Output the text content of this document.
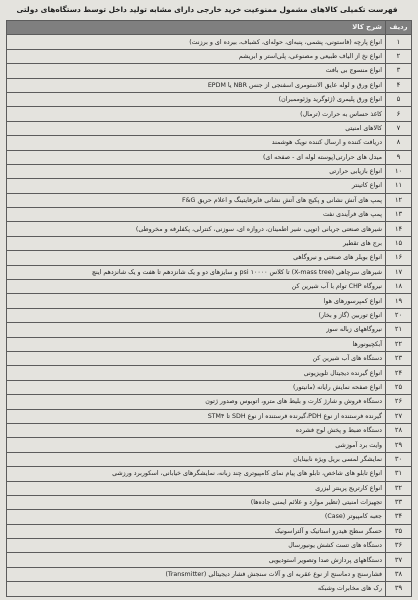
فهرست تکمیلی کالاهای مشمول ممنوعیت خرید خارجی دارای مشابه تولید داخل توسط دستگاه‌های دولتی
ردیف	شرح کالا
۱	انواع پارچه (فاستونی، پشمی، پنبه‌ای، حوله‌ای، کشباف، بیرده ای و برزنت)
۲	انواع نخ از الیاف طبیعی و مصنوعی، پلی‌استر و ابریشم
۳	انواع منسوج بی بافت
۴	انواع ورق و لوله عایق الاستومری اسفنجی از جنس NBR یا EPDM
۵	انواع ورق پلیمری (ژئوگرید وژئوممبران)
۶	کاغذ حساس به حرارت (ترمال)
۷	کالاهای امنیتی
۸	دریافت کننده و ارسال کننده نویک هوشمند
۹	میدل های حرارتی(پوسته لوله ای - صفحه ای)
۱۰	انواع بازیابی حرارتی
۱۱	انواع کاتینتر
۱۲	پمپ های آتش نشانی و پکیج های آتش نشانی فایرفایتینگ و اعلام حریق F&G
۱۳	پمپ های فرآیندی نفت
۱۴	شیرهای صنعتی جریانی (توپی، شیر اطمینان، دروازه ای، سوزنی، کنترلی، پکفلرفه و مخروطی)
۱۵	برج های تقطیر
۱۶	انواع بویلر های صنعتی و نیروگاهی
۱۷	شیرهای سرچاهی (X-mass tree) تا کلاس psi ۱۰۰۰۰ و سایزهای دو و یک شانزدهم تا هفت و یک شانزدهم اینچ
۱۸	نیروگاه CHP توام با آب شیرین کن
۱۹	انواع کمپرسورهای هوا
۲۰	انواع توربین (گاز و بخار)
۲۱	نیروگاههای زباله سوز
۲۲	آبکچیونورها
۲۳	دستگاه های آب شیرین کن
۲۴	انواع گیرنده دیجیتال تلویزیونی
۲۵	انواع صفحه نمایش رایانه (مانیتور)
۲۶	دستگاه فروش و شارژ کارت و بلیط های مترو، اتوبوس وصدور ژتون
۲۷	گیرنده فرستنده از نوع PDH،گیرنده فرستنده از نوع SDH تا STM۴
۲۸	دستگاه ضبط و پخش لوح فشرده
۲۹	وایت برد آموزشی
۳۰	نمایشگر لمسی بریل ویژه نابینایان
۳۱	انواع تابلو های شاخص، تابلو های پیام نمای کامپیوتری چند زبانه، نمایشگرهای خیابانی، اسکوربرد ورزشی
۳۲	انواع کارتریج پرینتر لیزری
۳۳	تجهیزات امنیتی (تظیر موارد و علائم ایمنی جاده‌ها)
۳۴	جعبه کامپیوتر (Case)
۳۵	حسگر سطح هیدرو استاتیک و آلتراسونیک
۳۶	دستگاه های تست کشش یونیورسال
۳۷	دستگاههای پردازش صدا وتصویر استودیویی
۳۸	فشارسنج و دماسنج از نوع عقربه ای و آلات سنجش فشار دیجیتالی (Transmitter)
۳۹	رک های مخابرات وشبکه
